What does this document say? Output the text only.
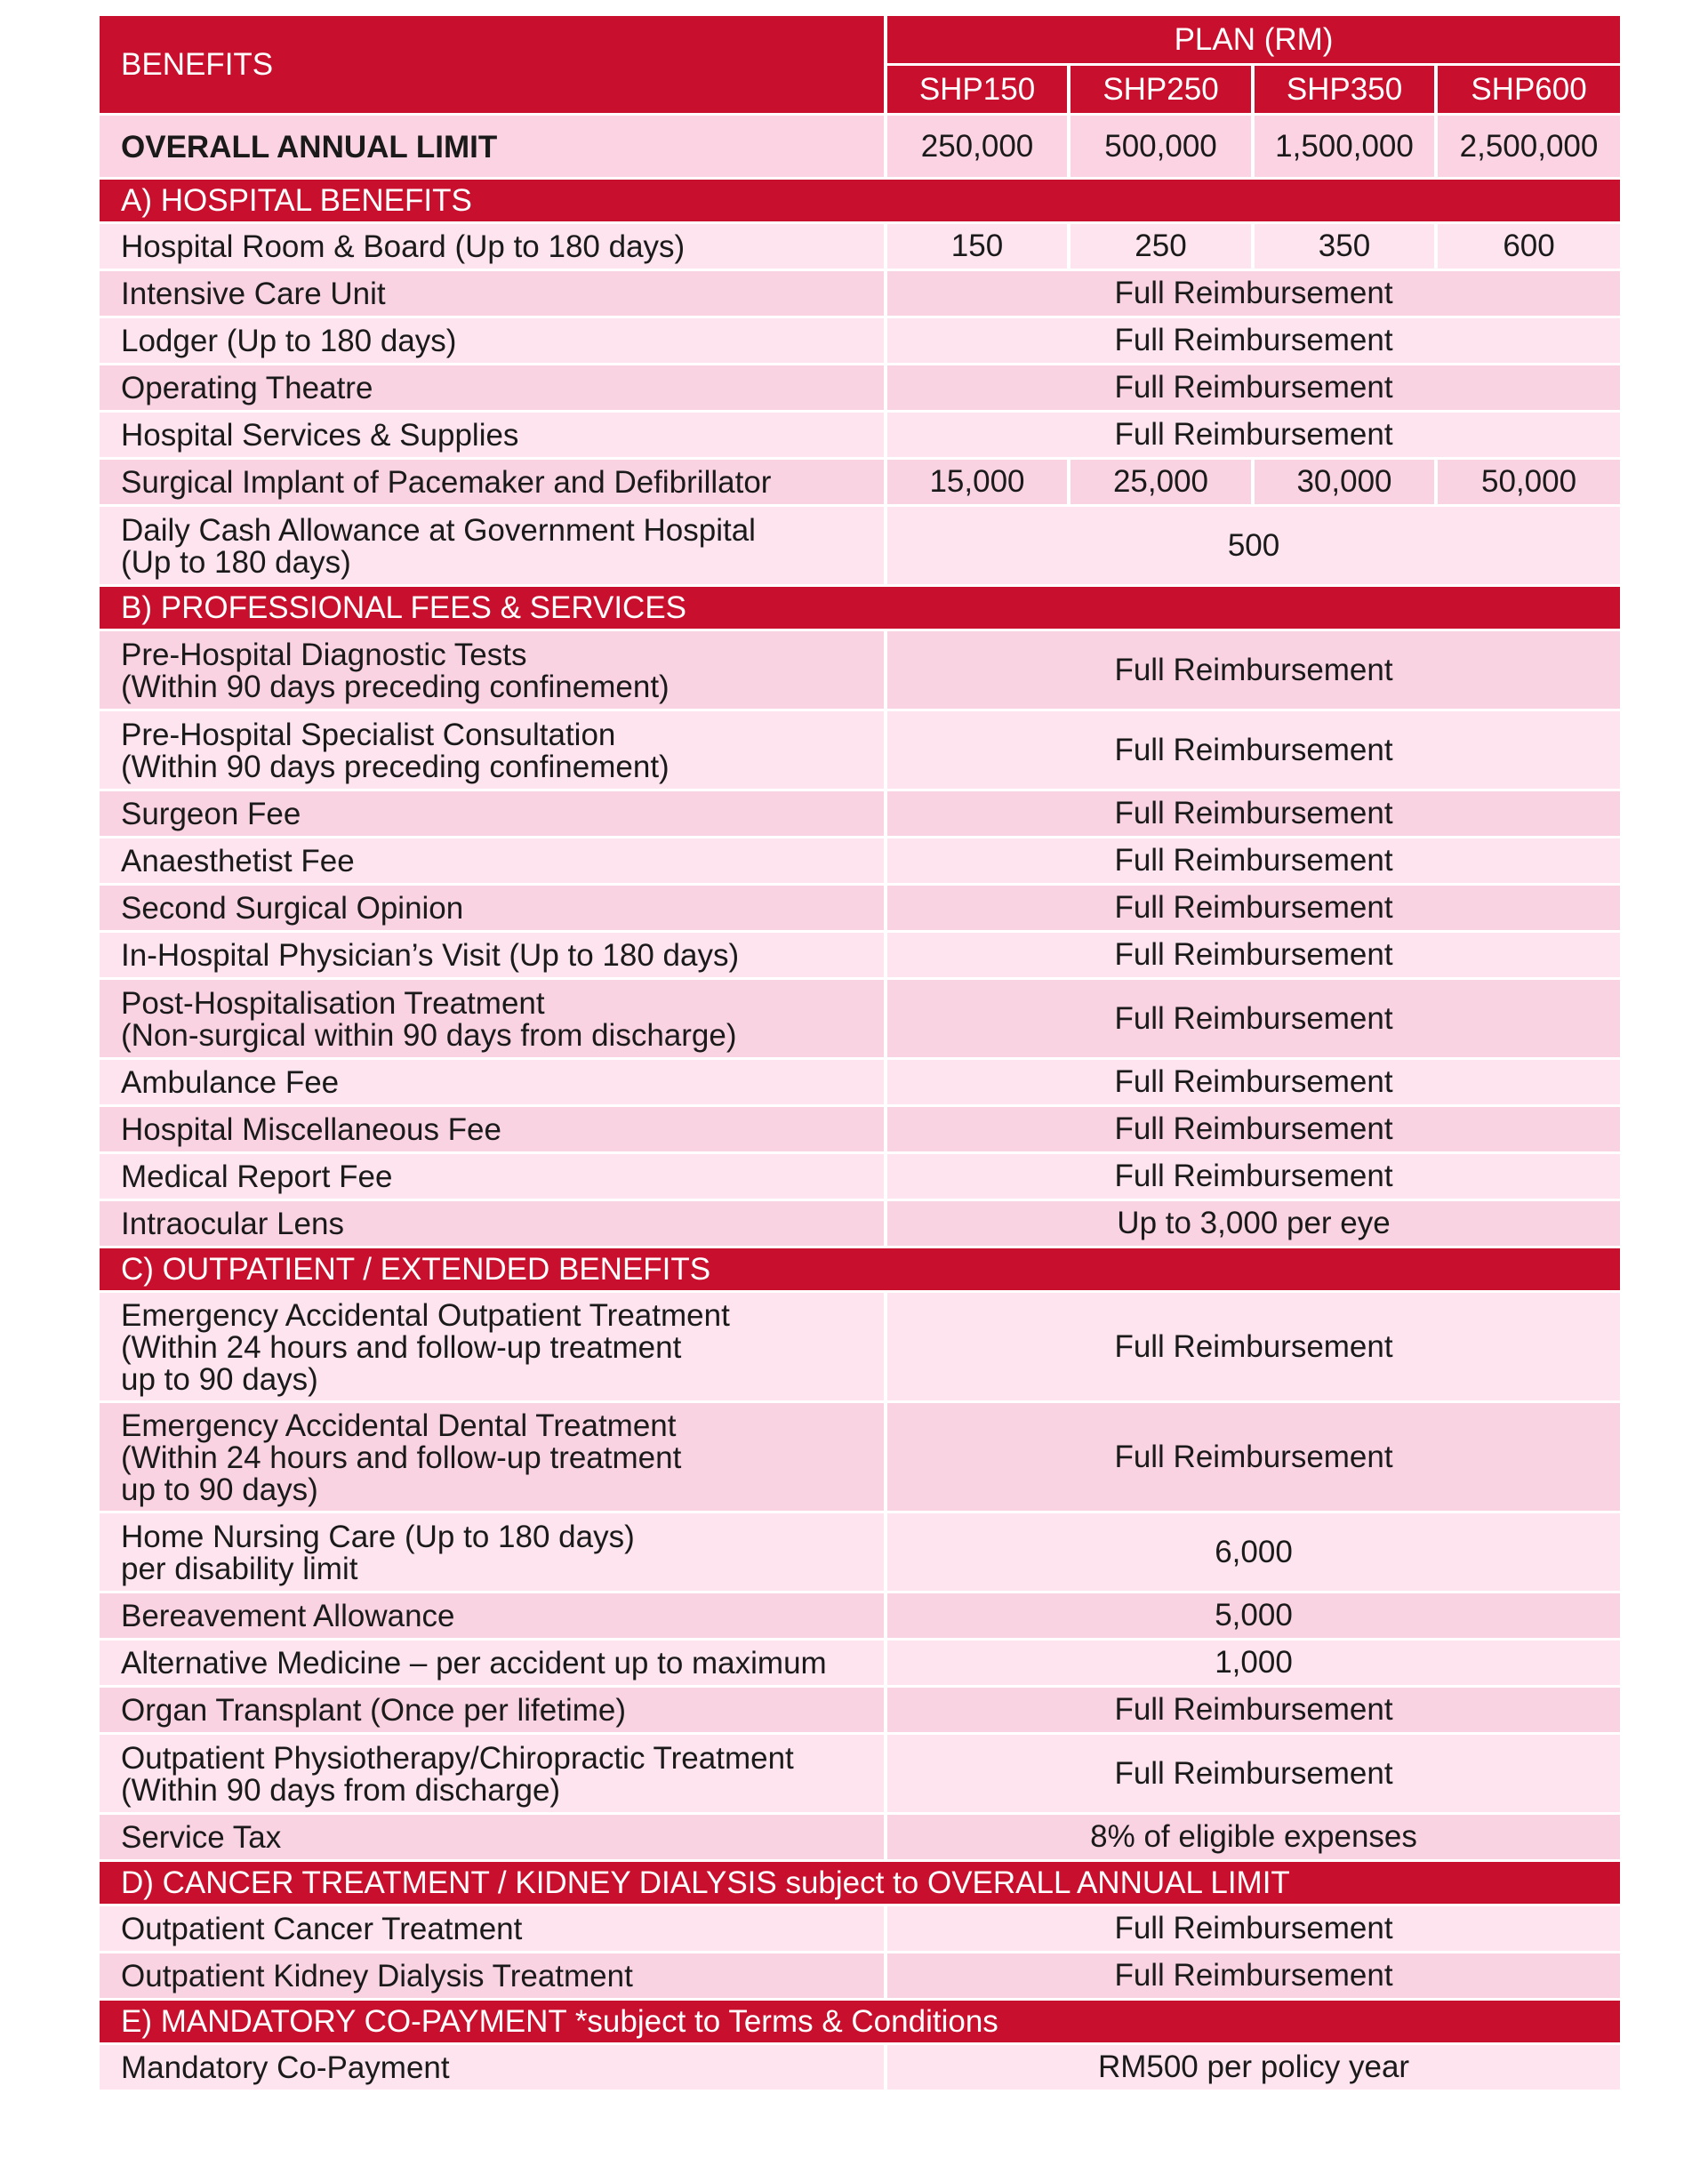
BENEFITS	PLAN (RM)			
	SHP150	SHP250	SHP350	SHP600
OVERALL ANNUAL LIMIT	250,000	500,000	1,500,000	2,500,000
A) HOSPITAL BENEFITS				
Hospital Room & Board (Up to 180 days)	150	250	350	600
Intensive Care Unit	Full Reimbursement			
Lodger (Up to 180 days)	Full Reimbursement			
Operating Theatre	Full Reimbursement			
Hospital Services & Supplies	Full Reimbursement			
Surgical Implant of Pacemaker and Defibrillator	15,000	25,000	30,000	50,000
Daily Cash Allowance at Government Hospital
(Up to 180 days)	500			
B) PROFESSIONAL FEES & SERVICES				
Pre-Hospital Diagnostic Tests
(Within 90 days preceding confinement)	Full Reimbursement			
Pre-Hospital Specialist Consultation
(Within 90 days preceding confinement)	Full Reimbursement			
Surgeon Fee	Full Reimbursement			
Anaesthetist Fee	Full Reimbursement			
Second Surgical Opinion	Full Reimbursement			
In-Hospital Physician’s Visit (Up to 180 days)	Full Reimbursement			
Post-Hospitalisation Treatment
(Non-surgical within 90 days from discharge)	Full Reimbursement			
Ambulance Fee	Full Reimbursement			
Hospital Miscellaneous Fee	Full Reimbursement			
Medical Report Fee	Full Reimbursement			
Intraocular Lens	Up to 3,000 per eye			
C) OUTPATIENT / EXTENDED BENEFITS				
Emergency Accidental Outpatient Treatment
(Within 24 hours and follow-up treatment
up to 90 days)	Full Reimbursement			
Emergency Accidental Dental Treatment
(Within 24 hours and follow-up treatment
up to 90 days)	Full Reimbursement			
Home Nursing Care (Up to 180 days)
per disability limit	6,000			
Bereavement Allowance	5,000			
Alternative Medicine – per accident up to maximum	1,000			
Organ Transplant (Once per lifetime)	Full Reimbursement			
Outpatient Physiotherapy/Chiropractic Treatment
(Within 90 days from discharge)	Full Reimbursement			
Service Tax	8% of eligible expenses			
D) CANCER TREATMENT / KIDNEY DIALYSIS subject to OVERALL ANNUAL LIMIT				
Outpatient Cancer Treatment	Full Reimbursement			
Outpatient Kidney Dialysis Treatment	Full Reimbursement			
E) MANDATORY CO-PAYMENT *subject to Terms & Conditions				
Mandatory Co-Payment	RM500 per policy year			
